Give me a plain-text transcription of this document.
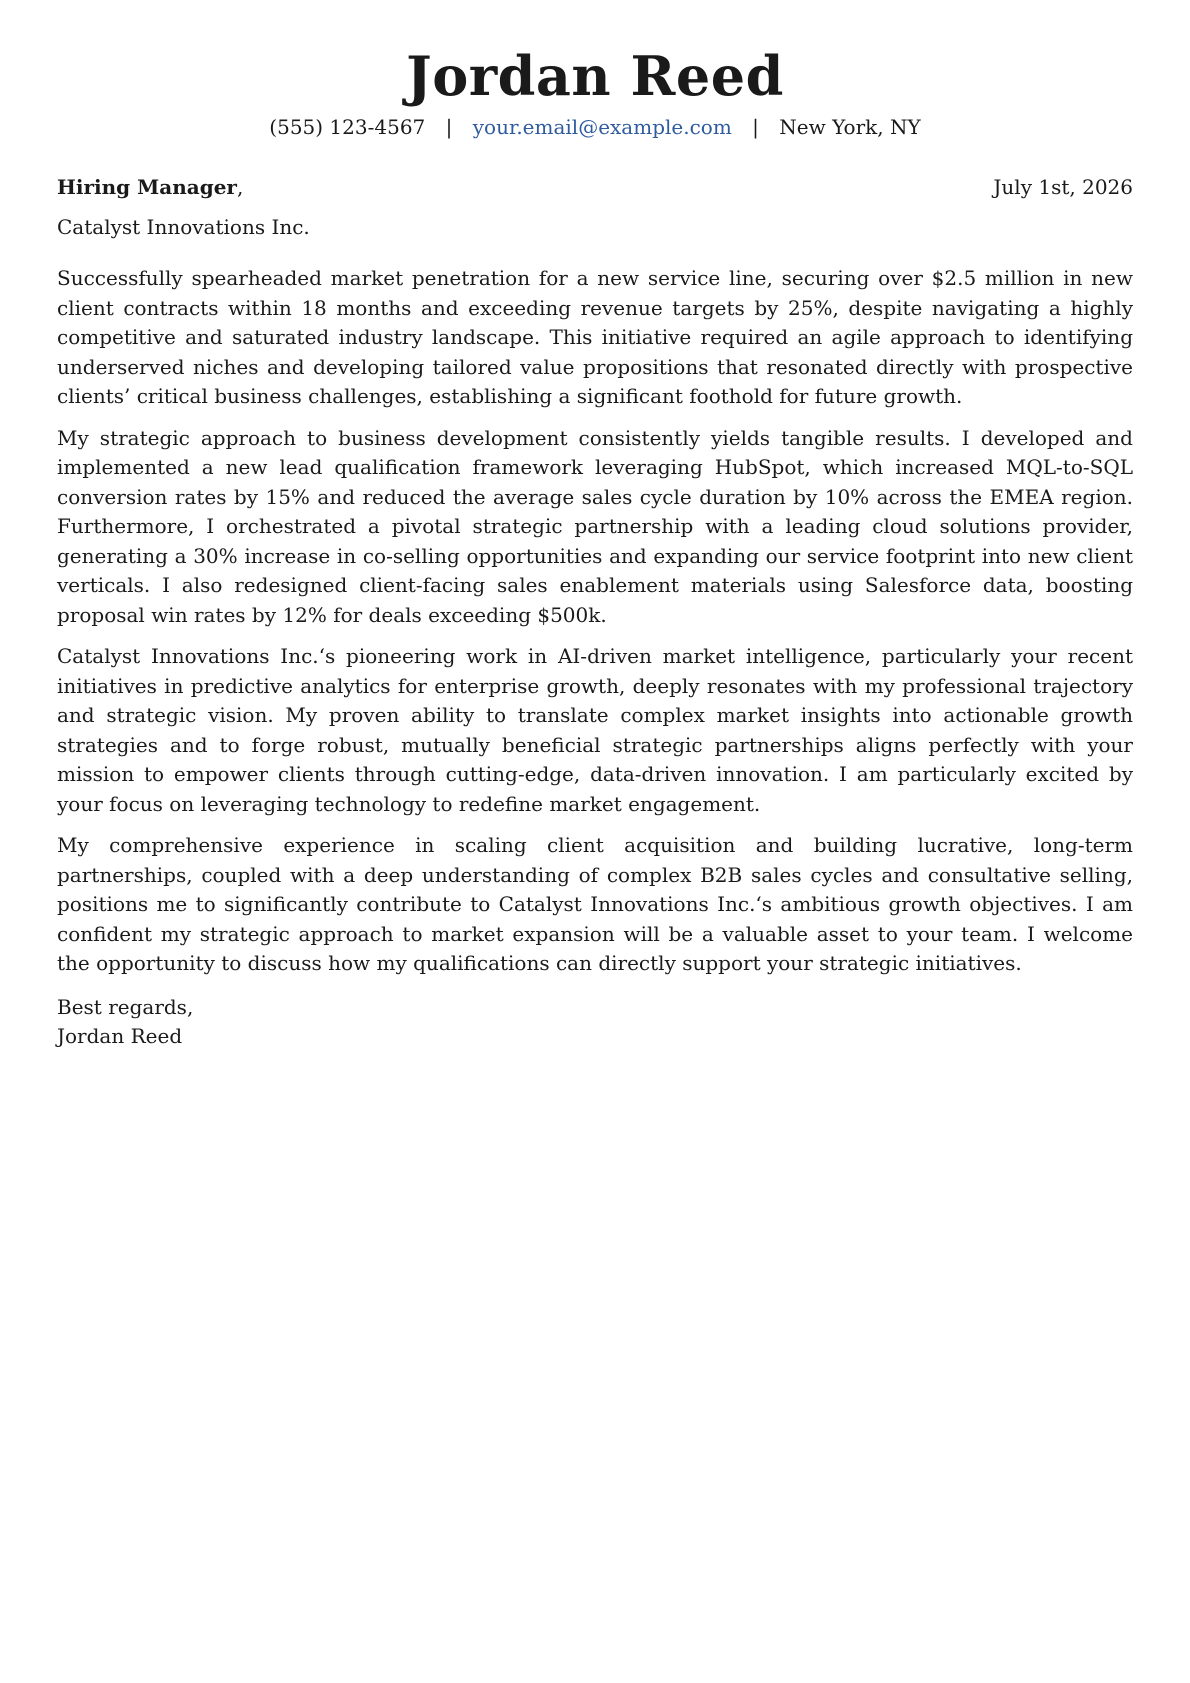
Jordan Reed
(555) 123-4567 | your.email@example.com | New York, NY
Hiring Manager,	July 1st, 2026
Catalyst Innovations Inc.

Successfully spearheaded market penetration for a new service line, securing over $2.5 million in new client contracts within 18 months and exceeding revenue targets by 25%, despite navigating a highly competitive and saturated industry landscape. This initiative required an agile approach to identifying underserved niches and developing tailored value propositions that resonated directly with prospective clients’ critical business challenges, establishing a significant foothold for future growth.

My strategic approach to business development consistently yields tangible results. I developed and implemented a new lead qualification framework leveraging HubSpot, which increased MQL-to-SQL conversion rates by 15% and reduced the average sales cycle duration by 10% across the EMEA region. Furthermore, I orchestrated a pivotal strategic partnership with a leading cloud solutions provider, generating a 30% increase in co-selling opportunities and expanding our service footprint into new client verticals. I also redesigned client-facing sales enablement materials using Salesforce data, boosting proposal win rates by 12% for deals exceeding $500k.

Catalyst Innovations Inc.‘s pioneering work in AI-driven market intelligence, particularly your recent initiatives in predictive analytics for enterprise growth, deeply resonates with my professional trajectory and strategic vision. My proven ability to translate complex market insights into actionable growth strategies and to forge robust, mutually beneficial strategic partnerships aligns perfectly with your mission to empower clients through cutting-edge, data-driven innovation. I am particularly excited by your focus on leveraging technology to redefine market engagement.

My comprehensive experience in scaling client acquisition and building lucrative, long-term partnerships, coupled with a deep understanding of complex B2B sales cycles and consultative selling, positions me to significantly contribute to Catalyst Innovations Inc.‘s ambitious growth objectives. I am confident my strategic approach to market expansion will be a valuable asset to your team. I welcome the opportunity to discuss how my qualifications can directly support your strategic initiatives.

Best regards,
Jordan Reed
